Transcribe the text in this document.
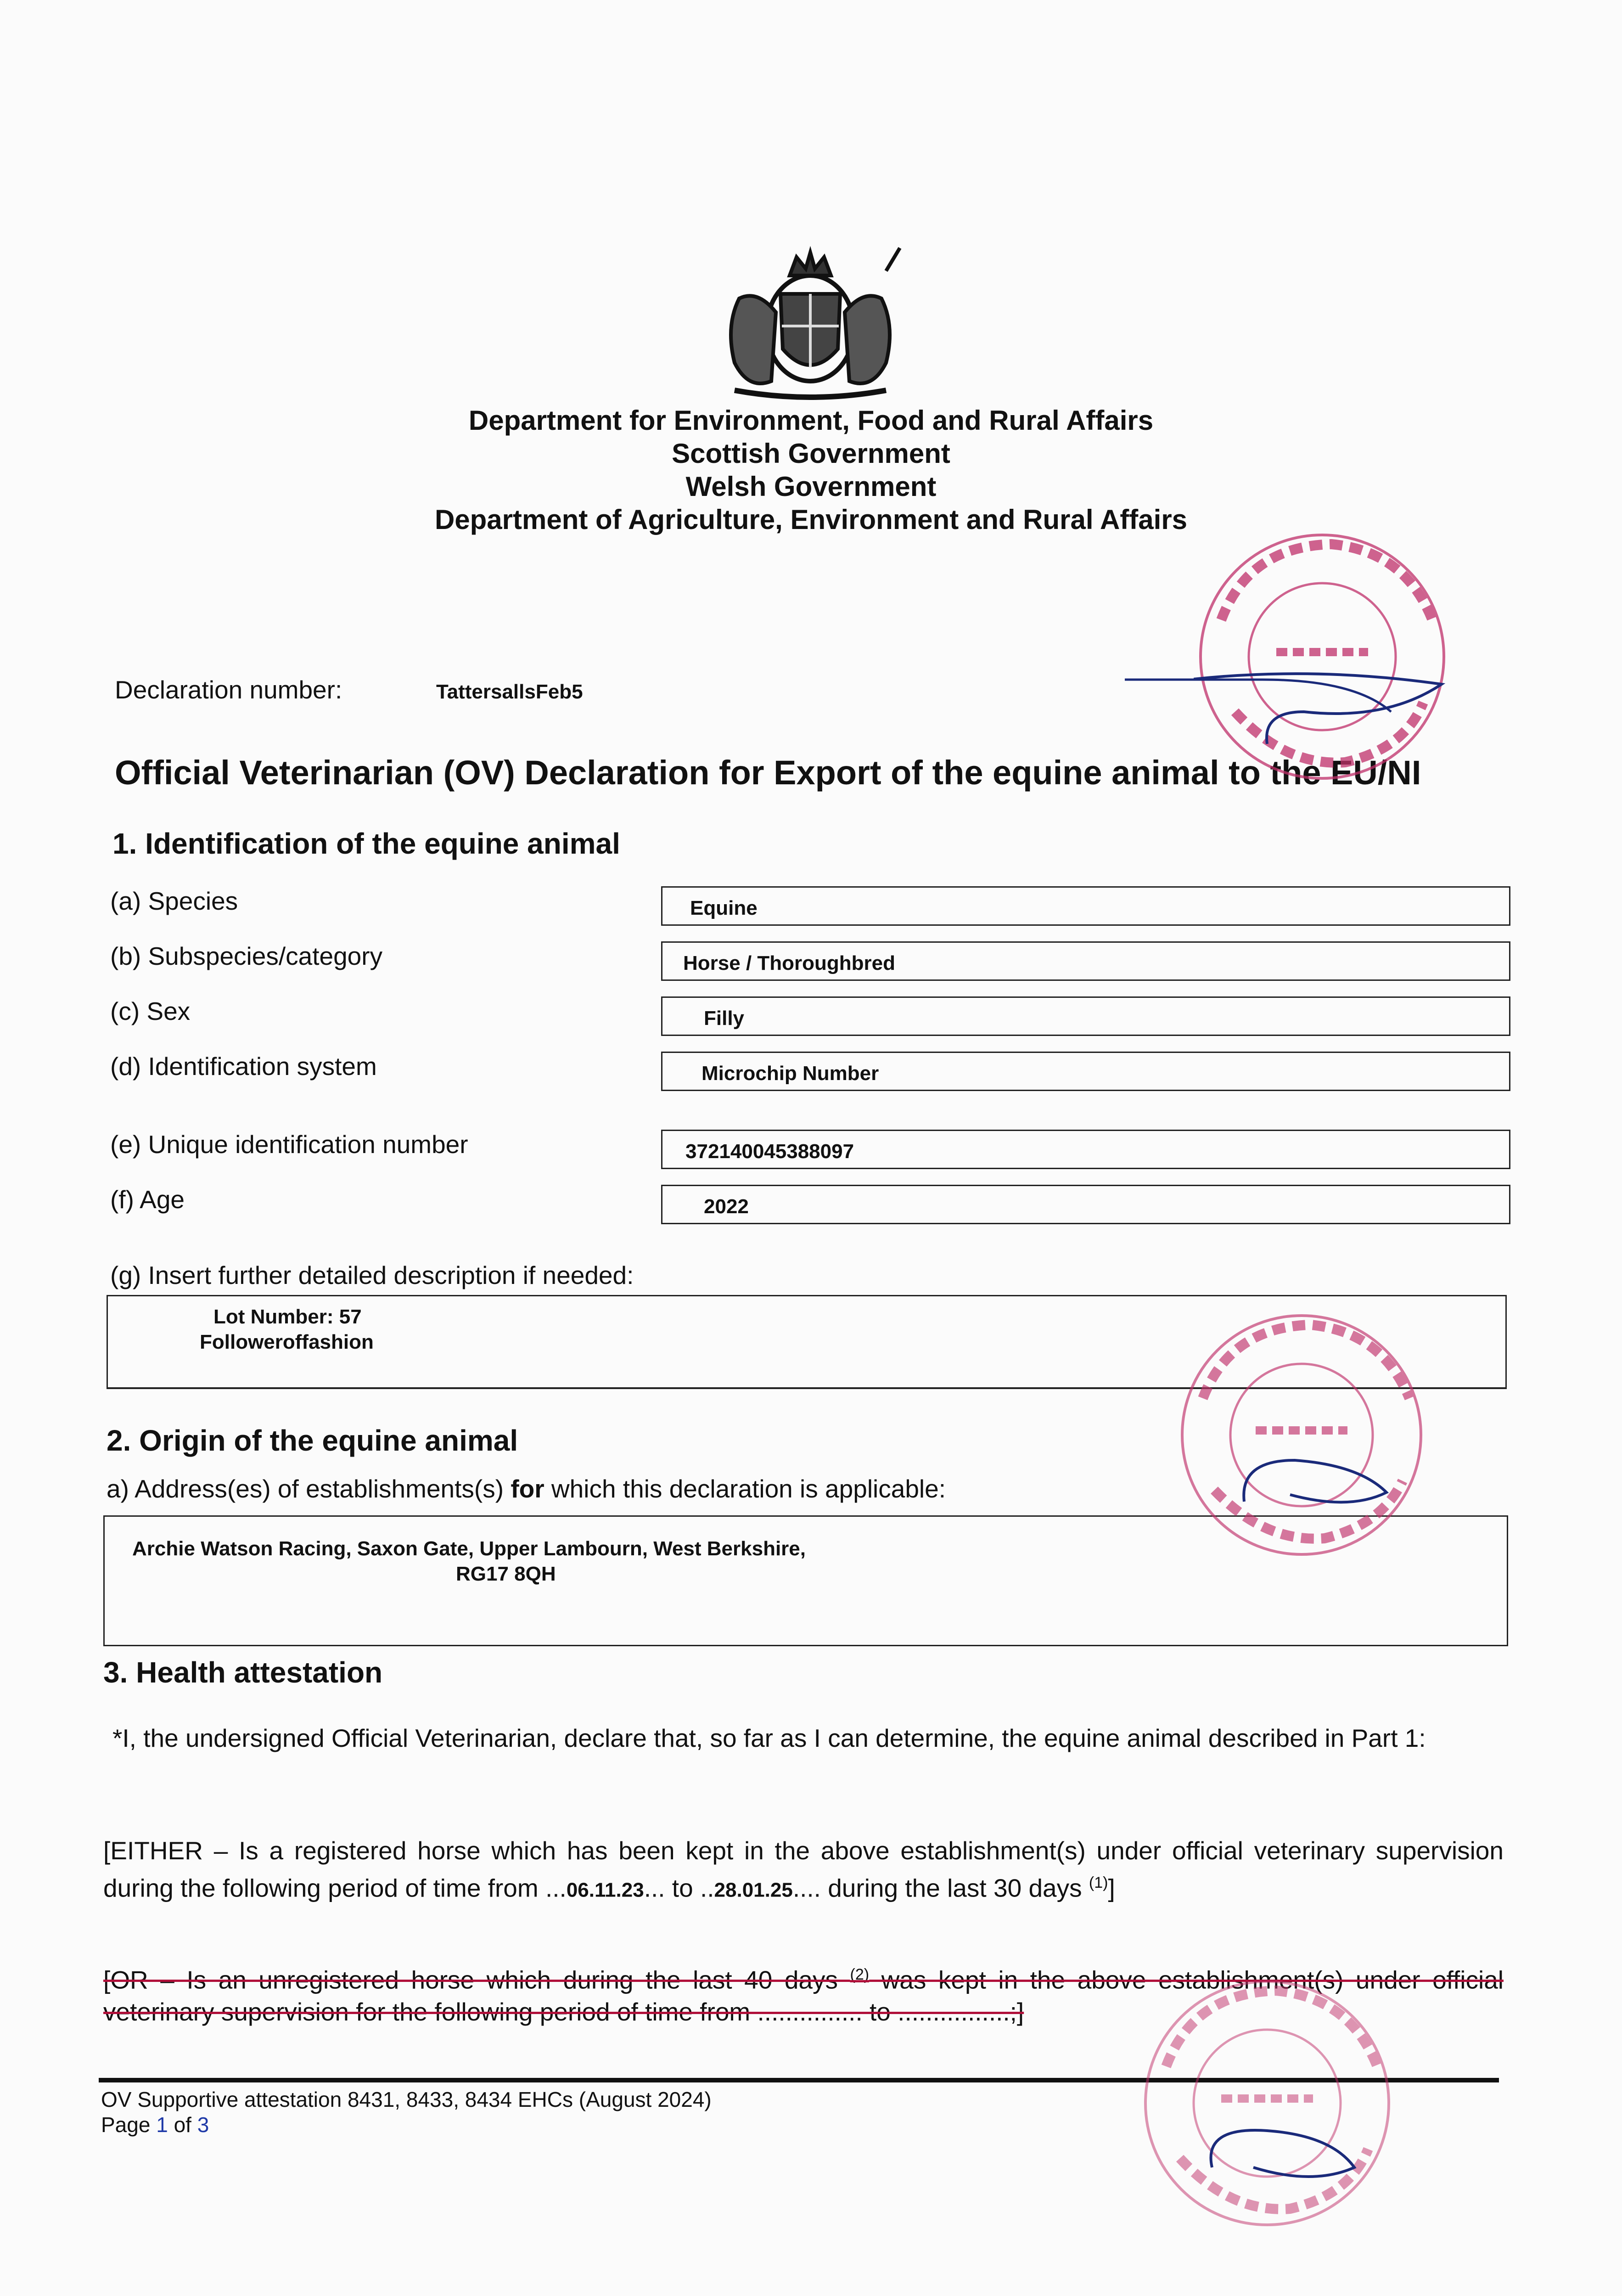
Department for Environment, Food and Rural Affairs
Scottish Government
Welsh Government
Department of Agriculture, Environment and Rural Affairs
Declaration number:	TattersallsFeb5
Official Veterinarian (OV) Declaration for Export of the equine animal to the EU/NI
1. Identification of the equine animal
(a) Species	Equine
(b) Subspecies/category	Horse / Thoroughbred
(c) Sex	Filly
(d) Identification system	Microchip Number
(e) Unique identification number	372140045388097
(f) Age	2022
(g) Insert further detailed description if needed:
Lot Number: 57
Followeroffashion
2. Origin of the equine animal
a) Address(es) of establishments(s) for which this declaration is applicable:
Archie Watson Racing, Saxon Gate, Upper Lambourn, West Berkshire,
RG17 8QH
3. Health attestation
*I, the undersigned Official Veterinarian, declare that, so far as I can determine, the equine animal described in Part 1:
[EITHER – Is a registered horse which has been kept in the above establishment(s) under official veterinary supervision during the following period of time from ...06.11.23... to ..28.01.25.... during the last 30 days $^{(1)}$]
[OR – Is an unregistered horse which during the last 40 days $^{(2)}$ was kept in the above establishment(s) under official veterinary supervision for the following period of time from ............... to ................;]
OV Supportive attestation 8431, 8433, 8434 EHCs (August 2024)
Page 1 of 3
